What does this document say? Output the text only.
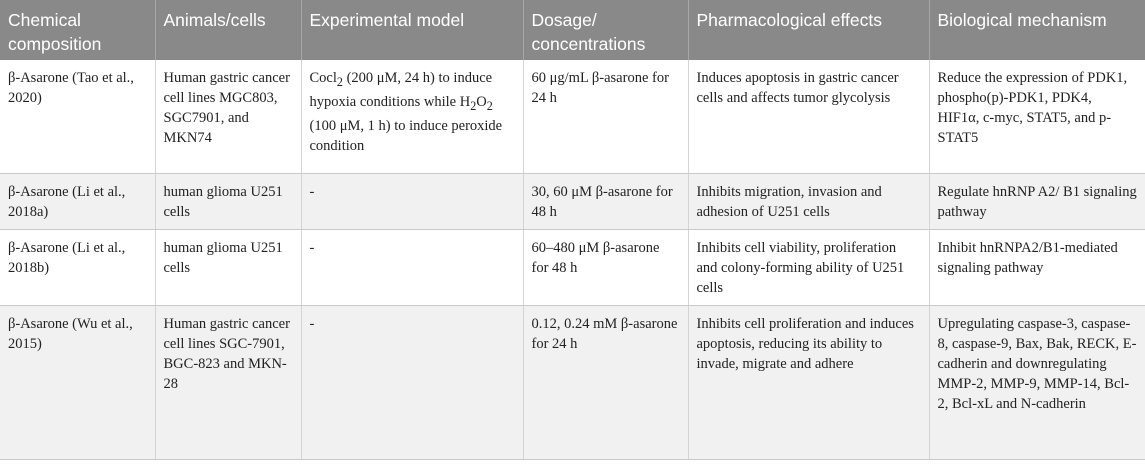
Chemical composition	Animals/cells	Experimental model	Dosage/ concentrations	Pharmacological effects	Biological mechanism
β-Asarone (Tao et al., 2020)	Human gastric cancer cell lines MGC803, SGC7901, and MKN74	Cocl$_2$ (200 μM, 24 h) to induce hypoxia conditions while $H_2O_2$ (100 μM, 1 h) to induce peroxide condition	60 μg/mL β-asarone for 24 h	Induces apoptosis in gastric cancer cells and affects tumor glycolysis	Reduce the expression of PDK1, phospho(p)-PDK1, PDK4, HIF1α, c-myc, STAT5, and p-STAT5
β-Asarone (Li et al., 2018a)	human glioma U251 cells	-	30, 60 μM β-asarone for 48 h	Inhibits migration, invasion and adhesion of U251 cells	Regulate hnRNP A2/ B1 signaling pathway
β-Asarone (Li et al., 2018b)	human glioma U251 cells	-	60–480 μM β-asarone for 48 h	Inhibits cell viability, proliferation and colony-forming ability of U251 cells	Inhibit hnRNPA2/B1-mediated signaling pathway
β-Asarone (Wu et al., 2015)	Human gastric cancer cell lines SGC-7901, BGC-823 and MKN-28	-	0.12, 0.24 mM β-asarone for 24 h	Inhibits cell proliferation and induces apoptosis, reducing its ability to invade, migrate and adhere	Upregulating caspase-3, caspase-8, caspase-9, Bax, Bak, RECK, E-cadherin and downregulating MMP-2, MMP-9, MMP-14, Bcl-2, Bcl-xL and N-cadherin
